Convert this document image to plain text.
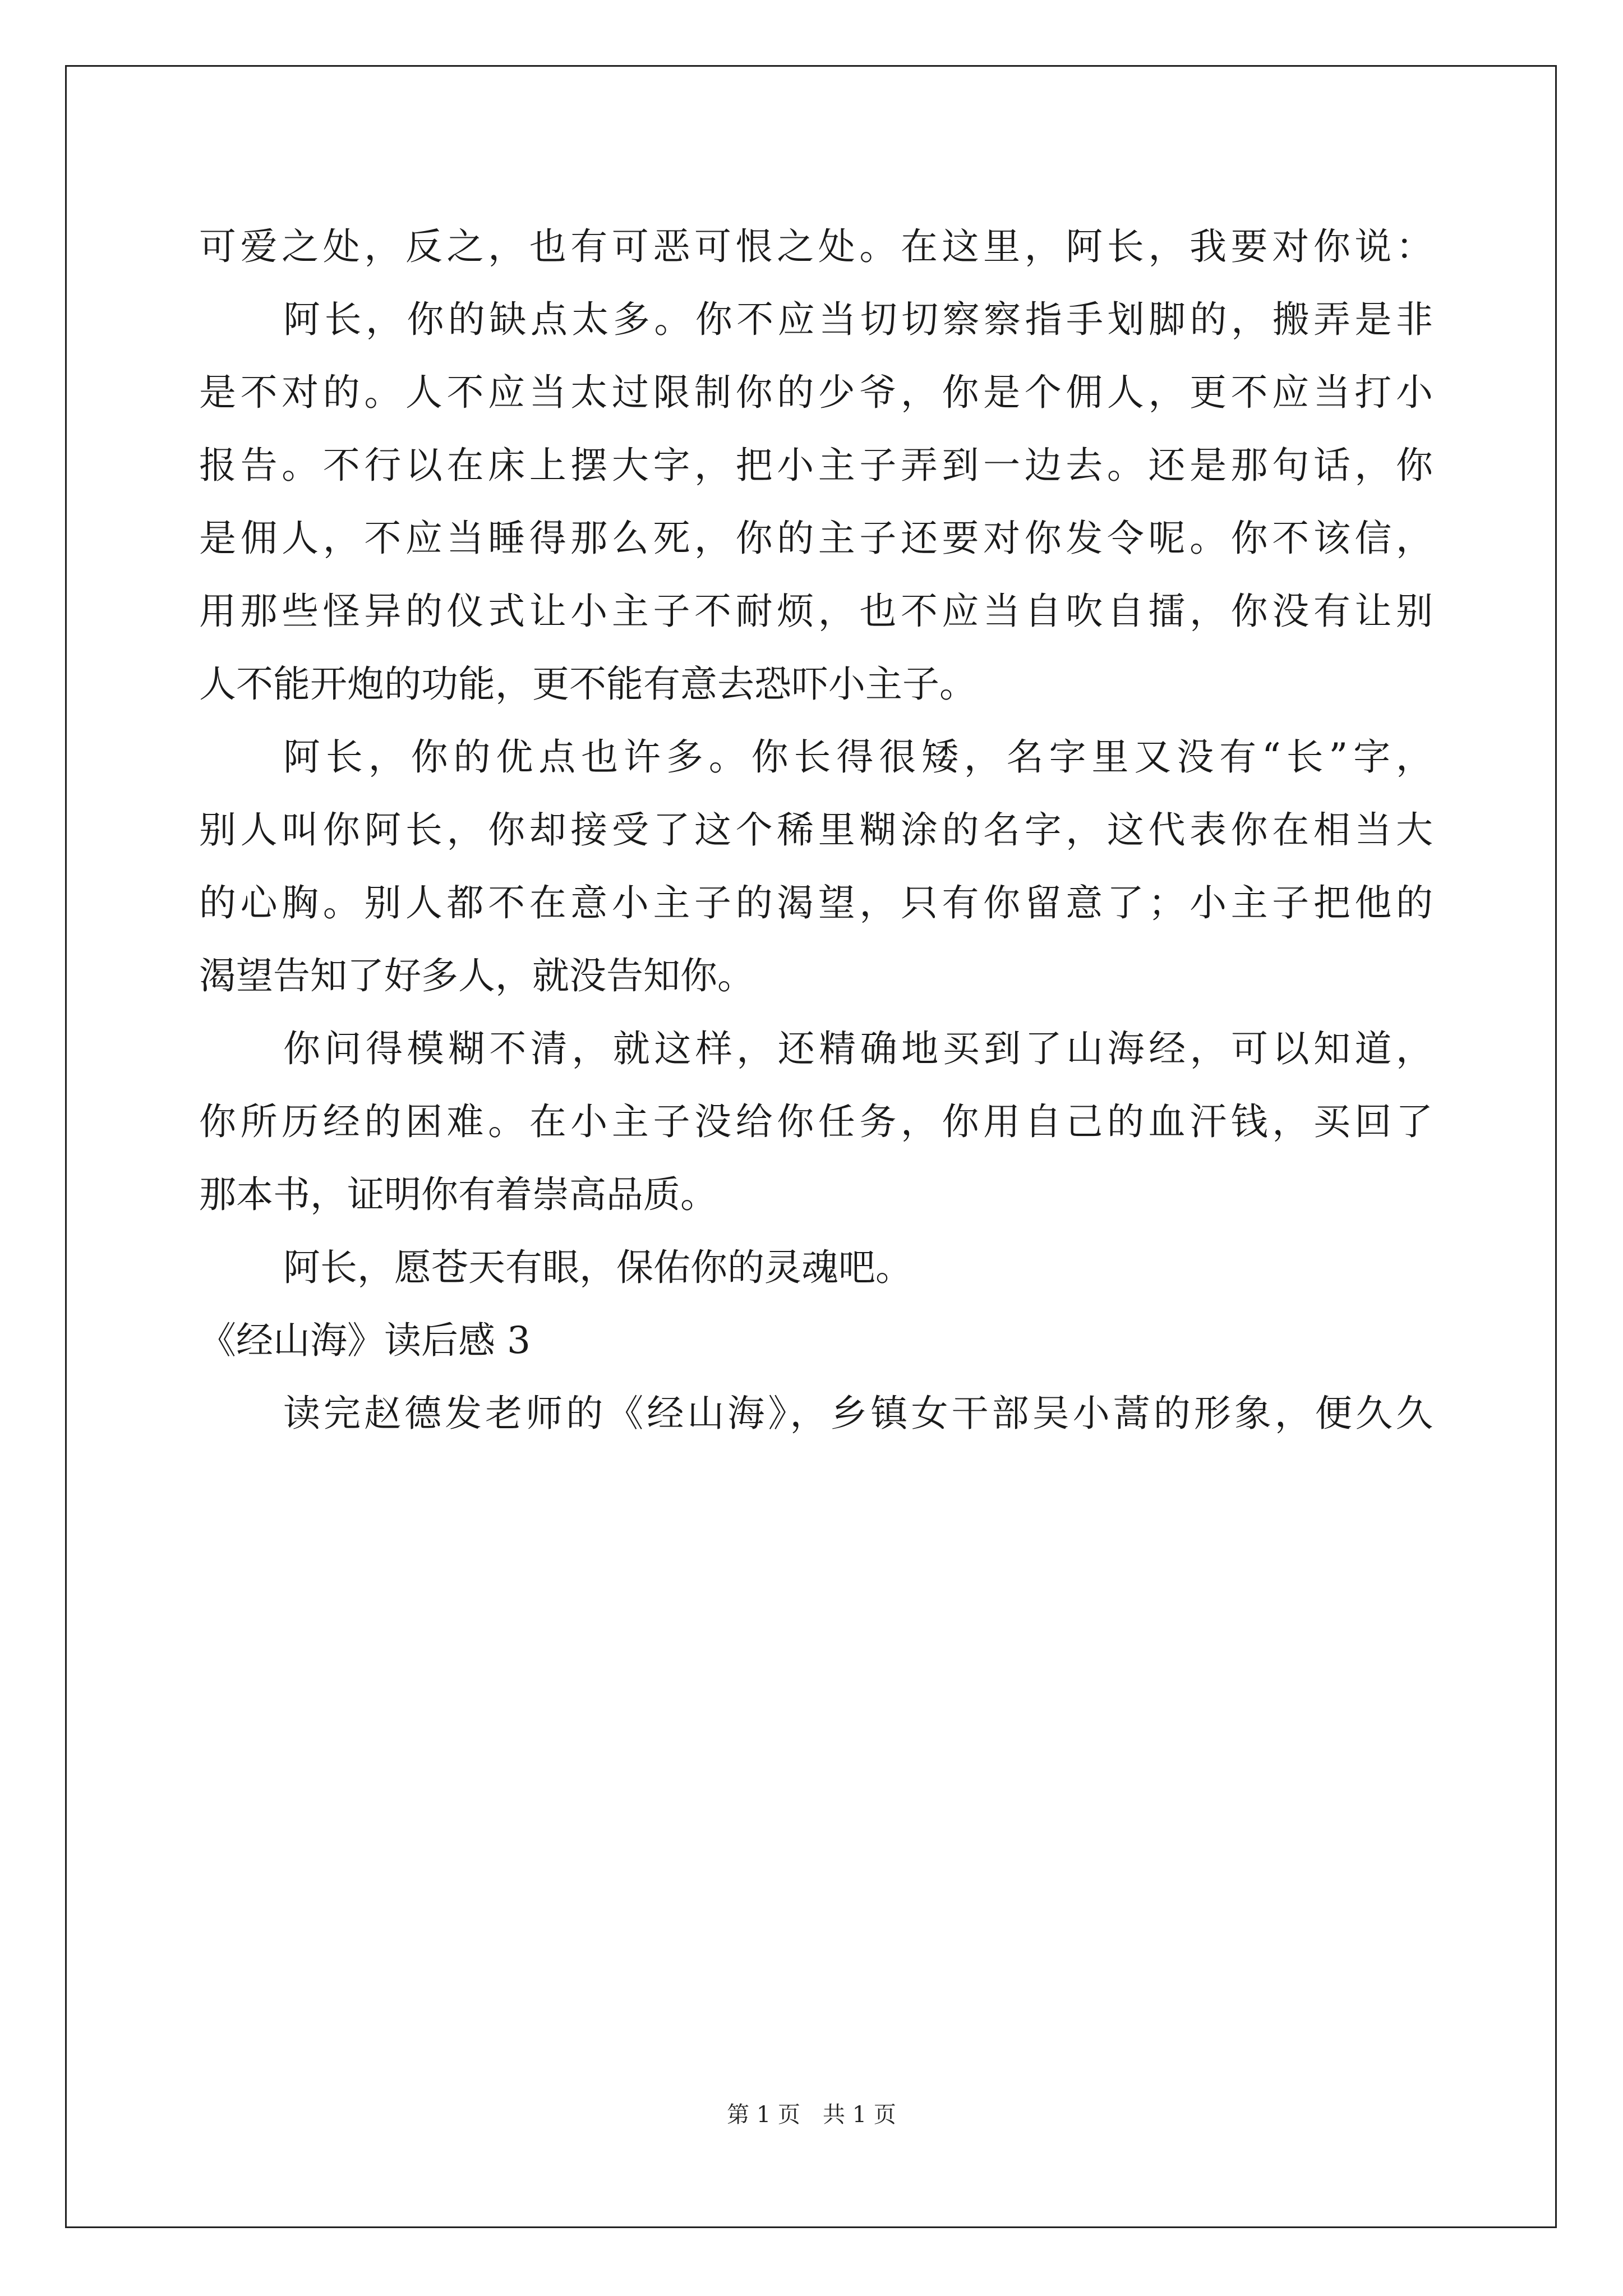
可爱之处，反之，也有可恶可恨之处。在这里，阿长，我要对你说：
阿长，你的缺点太多。你不应当切切察察指手划脚的，搬弄是非
是不对的。人不应当太过限制你的少爷，你是个佣人，更不应当打小
报告。不行以在床上摆大字，把小主子弄到一边去。还是那句话，你
是佣人，不应当睡得那么死，你的主子还要对你发令呢。你不该信，
用那些怪异的仪式让小主子不耐烦，也不应当自吹自擂，你没有让别
人不能开炮的功能，更不能有意去恐吓小主子。
阿长，你的优点也许多。你长得很矮，名字里又没有“长”字，
别人叫你阿长，你却接受了这个稀里糊涂的名字，这代表你在相当大
的心胸。别人都不在意小主子的渴望，只有你留意了；小主子把他的
渴望告知了好多人，就没告知你。
你问得模糊不清，就这样，还精确地买到了山海经，可以知道，
你所历经的困难。在小主子没给你任务，你用自己的血汗钱，买回了
那本书，证明你有着崇高品质。
阿长，愿苍天有眼，保佑你的灵魂吧。
《经山海》读后感 3
读完赵德发老师的《经山海》，乡镇女干部吴小蒿的形象，便久久
第 1 页　共 1 页
